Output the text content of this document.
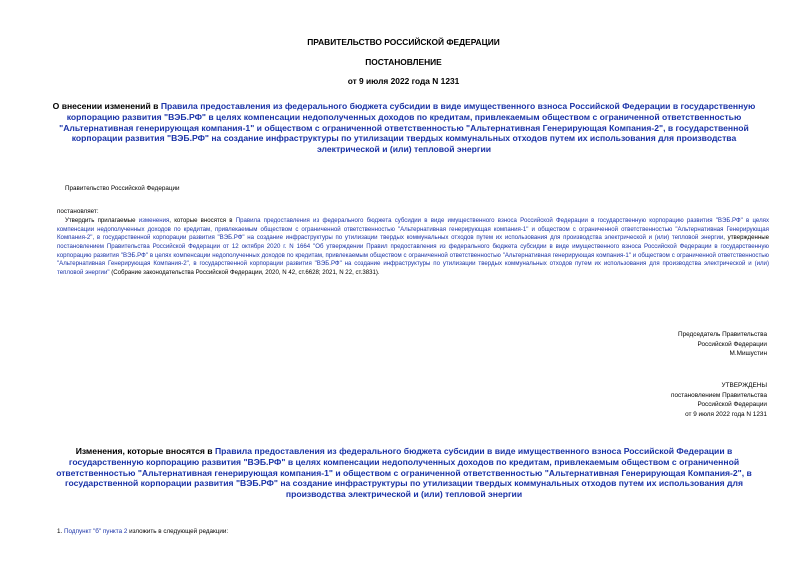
ПРАВИТЕЛЬСТВО РОССИЙСКОЙ ФЕДЕРАЦИИ
ПОСТАНОВЛЕНИЕ
от 9 июля 2022 года N 1231
О внесении изменений в Правила предоставления из федерального бюджета субсидии в виде имущественного взноса Российской Федерации в государственную корпорацию развития "ВЭБ.РФ" в целях компенсации недополученных доходов по кредитам, привлекаемым обществом с ограниченной ответственностью "Альтернативная генерирующая компания-1" и обществом с ограниченной ответственностью "Альтернативная Генерирующая Компания-2", в государственной корпорации развития "ВЭБ.РФ" на создание инфраструктуры по утилизации твердых коммунальных отходов путем их использования для производства электрической и (или) тепловой энергии
Правительство Российской Федерации
постановляет:
Утвердить прилагаемые изменения, которые вносятся в Правила предоставления из федерального бюджета субсидии в виде имущественного взноса Российской Федерации в государственную корпорацию развития "ВЭБ.РФ" в целях компенсации недополученных доходов по кредитам, привлекаемым обществом с ограниченной ответственностью "Альтернативная генерирующая компания-1" и обществом с ограниченной ответственностью "Альтернативная Генерирующая Компания-2", в государственной корпорации развития "ВЭБ.РФ" на создание инфраструктуры по утилизации твердых коммунальных отходов путем их использования для производства электрической и (или) тепловой энергии, утвержденные постановлением Правительства Российской Федерации от 12 октября 2020 г. N 1664 "Об утверждении Правил предоставления из федерального бюджета субсидии в виде имущественного взноса Российской Федерации в государственную корпорацию развития "ВЭБ.РФ" в целях компенсации недополученных доходов по кредитам, привлекаемым обществом с ограниченной ответственностью "Альтернативная генерирующая компания-1" и обществом с ограниченной ответственностью "Альтернативная Генерирующая Компания-2", в государственной корпорации развития "ВЭБ.РФ" на создание инфраструктуры по утилизации твердых коммунальных отходов путем их использования для производства электрической и (или) тепловой энергии" (Собрание законодательства Российской Федерации, 2020, N 42, ст.6628; 2021, N 22, ст.3831).
Председатель Правительства
Российской Федерации
М.Мишустин
УТВЕРЖДЕНЫ
постановлением Правительства
Российской Федерации
от 9 июля 2022 года N 1231
Изменения, которые вносятся в Правила предоставления из федерального бюджета субсидии в виде имущественного взноса Российской Федерации в государственную корпорацию развития "ВЭБ.РФ" в целях компенсации недополученных доходов по кредитам, привлекаемым обществом с ограниченной ответственностью "Альтернативная генерирующая компания-1" и обществом с ограниченной ответственностью "Альтернативная Генерирующая Компания-2", в государственной корпорации развития "ВЭБ.РФ" на создание инфраструктуры по утилизации твердых коммунальных отходов путем их использования для производства электрической и (или) тепловой энергии
1. Подпункт "б" пункта 2 изложить в следующей редакции:
